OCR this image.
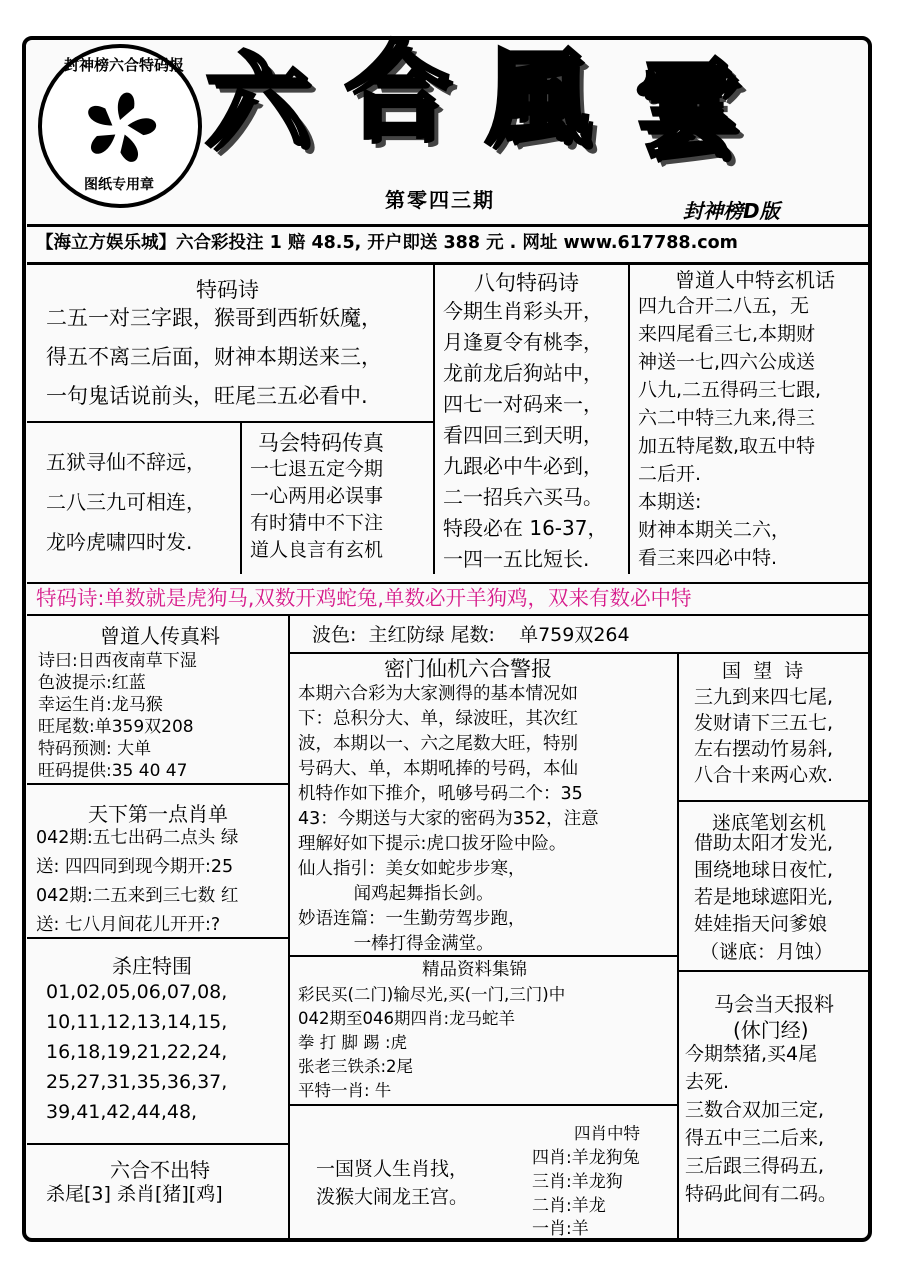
封神榜六合特码报
图纸专用章
六 合 風 雲
第零四三期	封神榜D版
【海立方娱乐城】六合彩投注 1 赔 48.5, 开户即送 388 元 . 网址 www.617788.com
特码诗
二五一对三字跟，猴哥到西斩妖魔，
得五不离三后面，财神本期送来三，
一句鬼话说前头，旺尾三五必看中.
八句特码诗
今期生肖彩头开，
月逢夏令有桃李，
龙前龙后狗站中，
四七一对码来一，
看四回三到天明，
九跟必中牛必到，
二一招兵六买马。
特段必在 16-37，
一四一五比短长.
曾道人中特玄机话
四九合开二八五，无
来四尾看三七,本期财
神送一七,四六公成送
八九,二五得码三七跟,
六二中特三九来,得三
加五特尾数,取五中特
二后开.
本期送:
财神本期关二六，
看三来四必中特.
五狱寻仙不辞远，
二八三九可相连，
龙吟虎啸四时发.
马会特码传真
一七退五定今期
一心两用必误事
有时猜中不下注
道人良言有玄机
特码诗:单数就是虎狗马,双数开鸡蛇兔,单数必开羊狗鸡，双来有数必中特
曾道人传真料
诗曰:日西夜南草下湿
色波提示:红蓝
幸运生肖:龙马猴
旺尾数:单359双208
特码预测: 大单
旺码提供:35 40 47
天下第一点肖单
042期:五七出码二点头 绿
送: 四四同到现今期开:25
042期:二五来到三七数 红
送: 七八月间花儿开开:?
杀庄特围
01,02,05,06,07,08,
10,11,12,13,14,15,
16,18,19,21,22,24,
25,27,31,35,36,37,
39,41,42,44,48,
六合不出特
杀尾[3] 杀肖[猪][鸡]
波色:  主红防绿 尾数:    单759双264
密门仙机六合警报
本期六合彩为大家测得的基本情况如
下：总积分大、单，绿波旺，其次红
波，本期以一、六之尾数大旺，特别
号码大、单，本期吼捧的号码，本仙
机特作如下推介，吼够号码二个：35
43：今期送与大家的密码为352，注意
理解好如下提示:虎口拔牙险中险。
仙人指引：美女如蛇步步寒，
闻鸡起舞指长剑。
妙语连篇：一生勤劳驾步跑，
一棒打得金满堂。
国  望  诗
三九到来四七尾,
发财请下三五七,
左右摆动竹易斜,
八合十来两心欢.
迷底笔划玄机
借助太阳才发光,
围绕地球日夜忙,
若是地球遮阳光,
娃娃指天问爹娘
（谜底：月蚀）
精品资料集锦
彩民买(二门)输尽光,买(一门,三门)中
042期至046期四肖:龙马蛇羊
拳 打 脚 踢 :虎
张老三铁杀:2尾
平特一肖: 牛
一国贤人生肖找，
泼猴大闹龙王宫。
四肖中特
四肖:羊龙狗兔
三肖:羊龙狗
二肖:羊龙
一肖:羊
马会当天报料
(休门经)
今期禁猪,买4尾
去死.
三数合双加三定,
得五中三二后来,
三后跟三得码五,
特码此间有二码。
